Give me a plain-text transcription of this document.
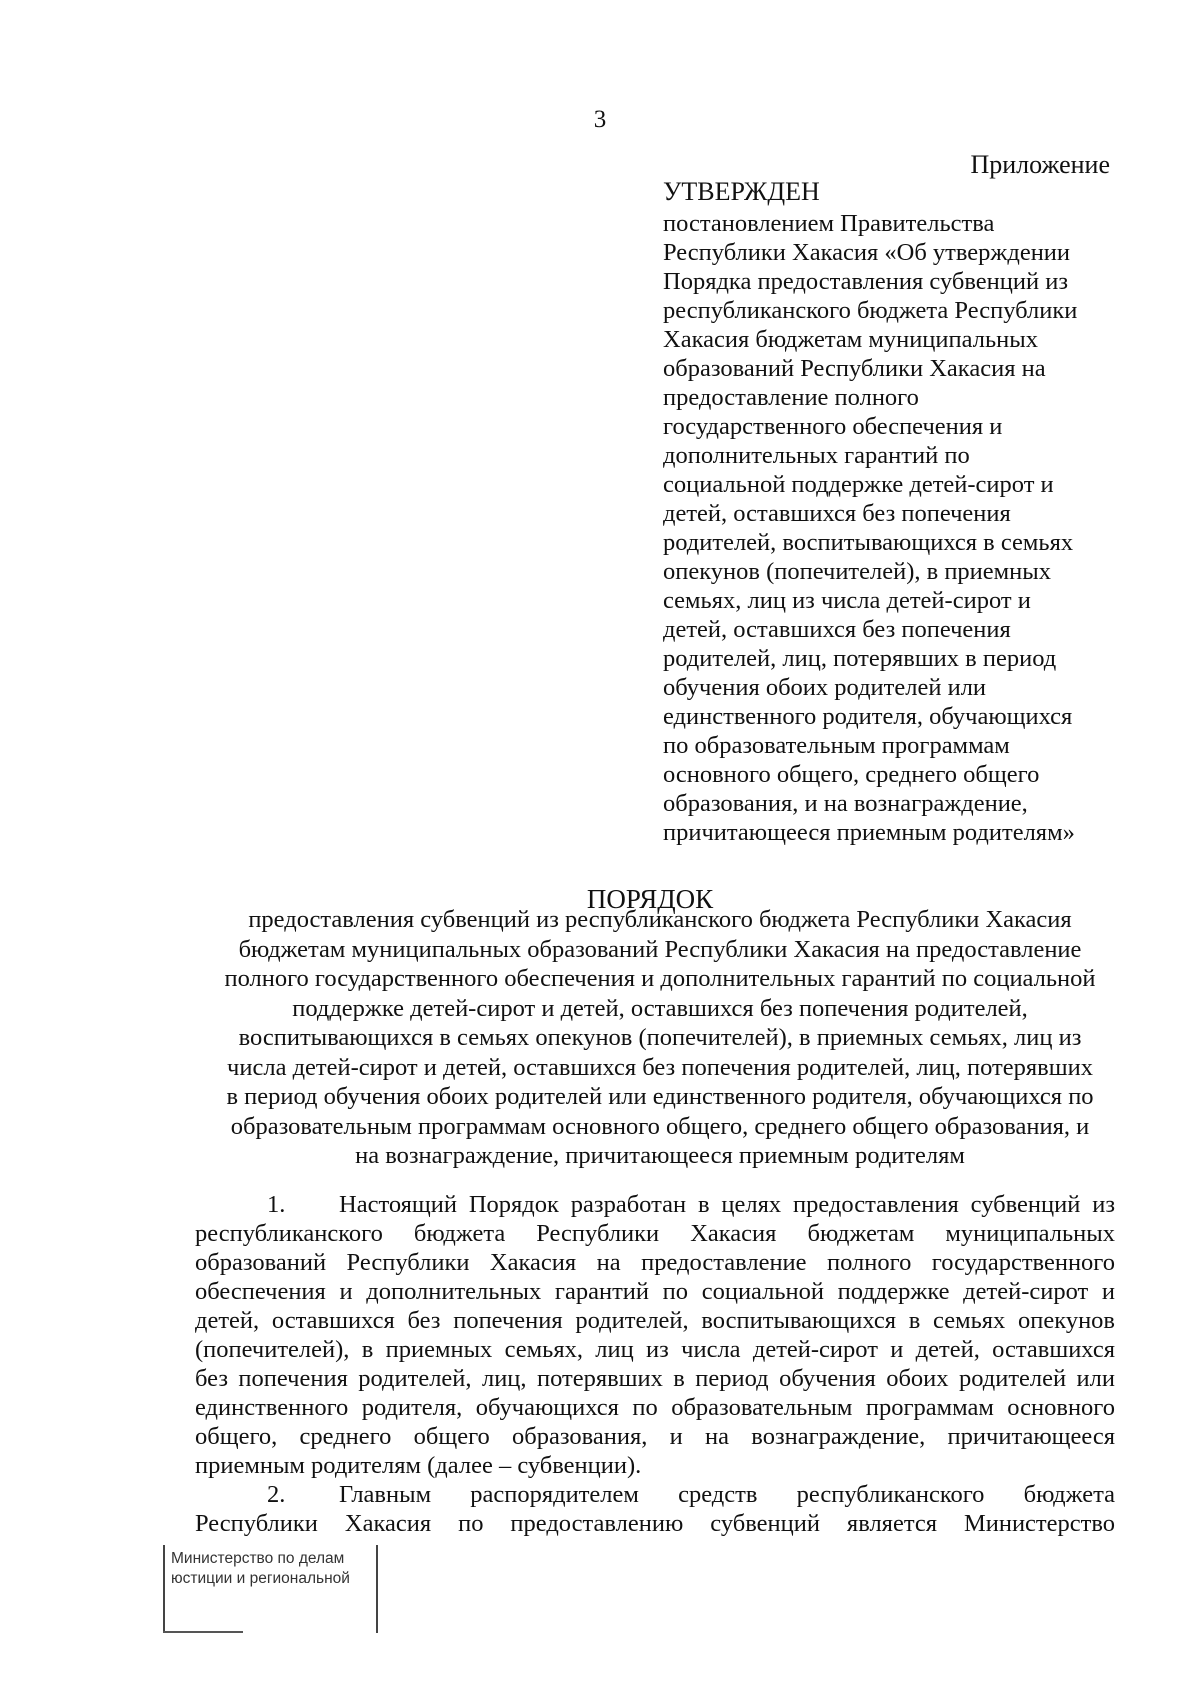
3
Приложение
УТВЕРЖДЕН
постановлением Правительства
Республики Хакасия «Об утверждении
Порядка предоставления субвенций из
республиканского бюджета Республики
Хакасия бюджетам муниципальных
образований Республики Хакасия на
предоставление полного
государственного обеспечения и
дополнительных гарантий по
социальной поддержке детей-сирот и
детей, оставшихся без попечения
родителей, воспитывающихся в семьях
опекунов (попечителей), в приемных
семьях, лиц из числа детей-сирот и
детей, оставшихся без попечения
родителей, лиц, потерявших в период
обучения обоих родителей или
единственного родителя, обучающихся
по образовательным программам
основного общего, среднего общего
образования, и на вознаграждение,
причитающееся приемным родителям»
ПОРЯДОК
предоставления субвенций из республиканского бюджета Республики Хакасия
бюджетам муниципальных образований Республики Хакасия на предоставление
полного государственного обеспечения и дополнительных гарантий по социальной
поддержке детей-сирот и детей, оставшихся без попечения родителей,
воспитывающихся в семьях опекунов (попечителей), в приемных семьях, лиц из
числа детей-сирот и детей, оставшихся без попечения родителей, лиц, потерявших
в период обучения обоих родителей или единственного родителя, обучающихся по
образовательным программам основного общего, среднего общего образования, и
на вознаграждение, причитающееся приемным родителям
1. Настоящий Порядок разработан в целях предоставления субвенций из
республиканского бюджета Республики Хакасия бюджетам муниципальных
образований Республики Хакасия на предоставление полного государственного
обеспечения и дополнительных гарантий по социальной поддержке детей-сирот и
детей, оставшихся без попечения родителей, воспитывающихся в семьях опекунов
(попечителей), в приемных семьях, лиц из числа детей-сирот и детей, оставшихся
без попечения родителей, лиц, потерявших в период обучения обоих родителей или
единственного родителя, обучающихся по образовательным программам основного
общего, среднего общего образования, и на вознаграждение, причитающееся
приемным родителям (далее – субвенции).
2. Главным распорядителем средств республиканского бюджета
Республики Хакасия по предоставлению субвенций является Министерство
Министерство по делам
юстиции и региональной
